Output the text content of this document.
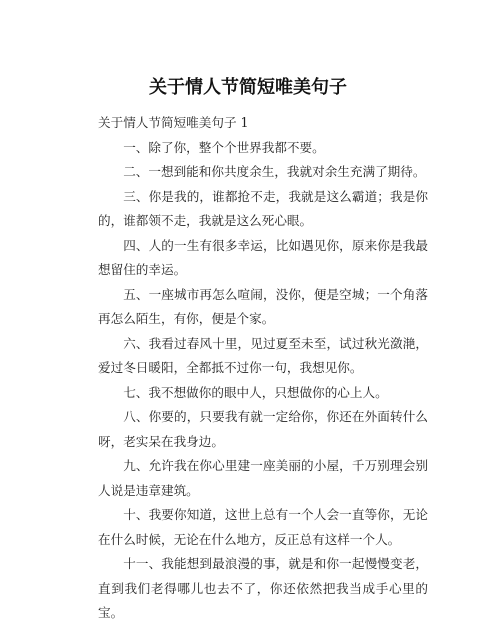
关于情人节简短唯美句子

关于情人节简短唯美句子 1

一、除了你，整个个世界我都不要。

二、一想到能和你共度余生，我就对余生充满了期待。

三、你是我的，谁都抢不走，我就是这么霸道；我是你的，谁都领不走，我就是这么死心眼。

四、人的一生有很多幸运，比如遇见你，原来你是我最想留住的幸运。

五、一座城市再怎么喧闹，没你，便是空城；一个角落再怎么陌生，有你，便是个家。

六、我看过春风十里，见过夏至未至，试过秋光潋滟，爱过冬日暖阳，全都抵不过你一句，我想见你。

七、我不想做你的眼中人，只想做你的心上人。

八、你要的，只要我有就一定给你，你还在外面转什么呀，老实呆在我身边。

九、允许我在你心里建一座美丽的小屋，千万别理会别人说是违章建筑。

十、我要你知道，这世上总有一个人会一直等你，无论在什么时候，无论在什么地方，反正总有这样一个人。

十一、我能想到最浪漫的事，就是和你一起慢慢变老，直到我们老得哪儿也去不了，你还依然把我当成手心里的宝。
